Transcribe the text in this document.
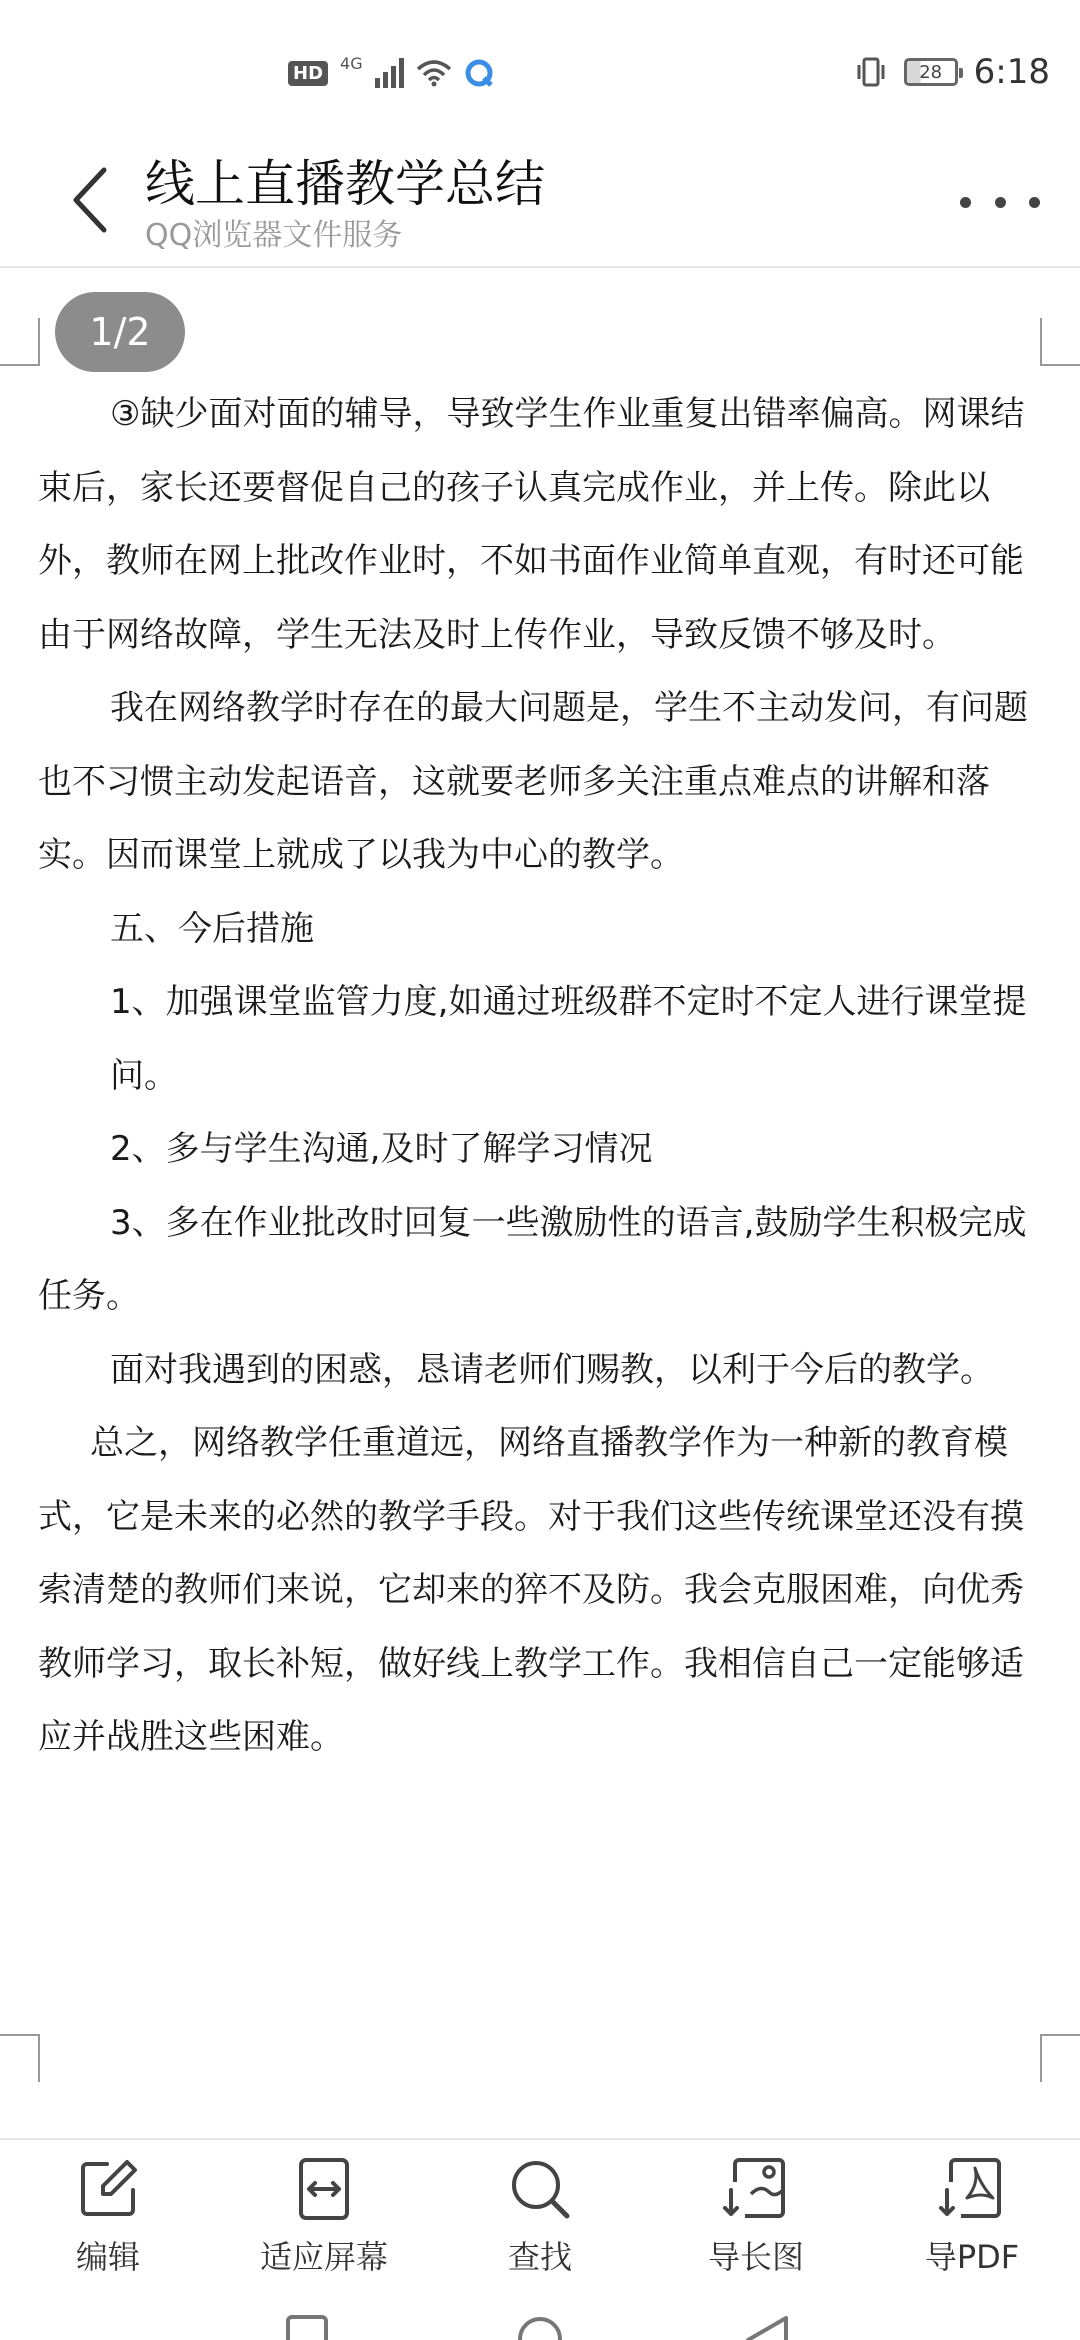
HD	4G	28 6:18
线上直播教学总结
QQ浏览器文件服务

③缺少面对面的辅导，导致学生作业重复出错率偏高。网课结束后，家长还要督促自己的孩子认真完成作业，并上传。除此以外，教师在网上批改作业时，不如书面作业简单直观，有时还可能由于网络故障，学生无法及时上传作业，导致反馈不够及时。

我在网络教学时存在的最大问题是，学生不主动发问，有问题也不习惯主动发起语音，这就要老师多关注重点难点的讲解和落实。因而课堂上就成了以我为中心的教学。

五、今后措施

1、加强课堂监管力度,如通过班级群不定时不定人进行课堂提问。

2、多与学生沟通,及时了解学习情况

3、多在作业批改时回复一些激励性的语言,鼓励学生积极完成任务。

面对我遇到的困惑，恳请老师们赐教，以利于今后的教学。

总之，网络教学任重道远，网络直播教学作为一种新的教育模式，它是未来的必然的教学手段。对于我们这些传统课堂还没有摸索清楚的教师们来说，它却来的猝不及防。我会克服困难，向优秀教师学习，取长补短，做好线上教学工作。我相信自己一定能够适应并战胜这些困难。

1/2
编辑	适应屏幕	查找	导长图	导PDF
